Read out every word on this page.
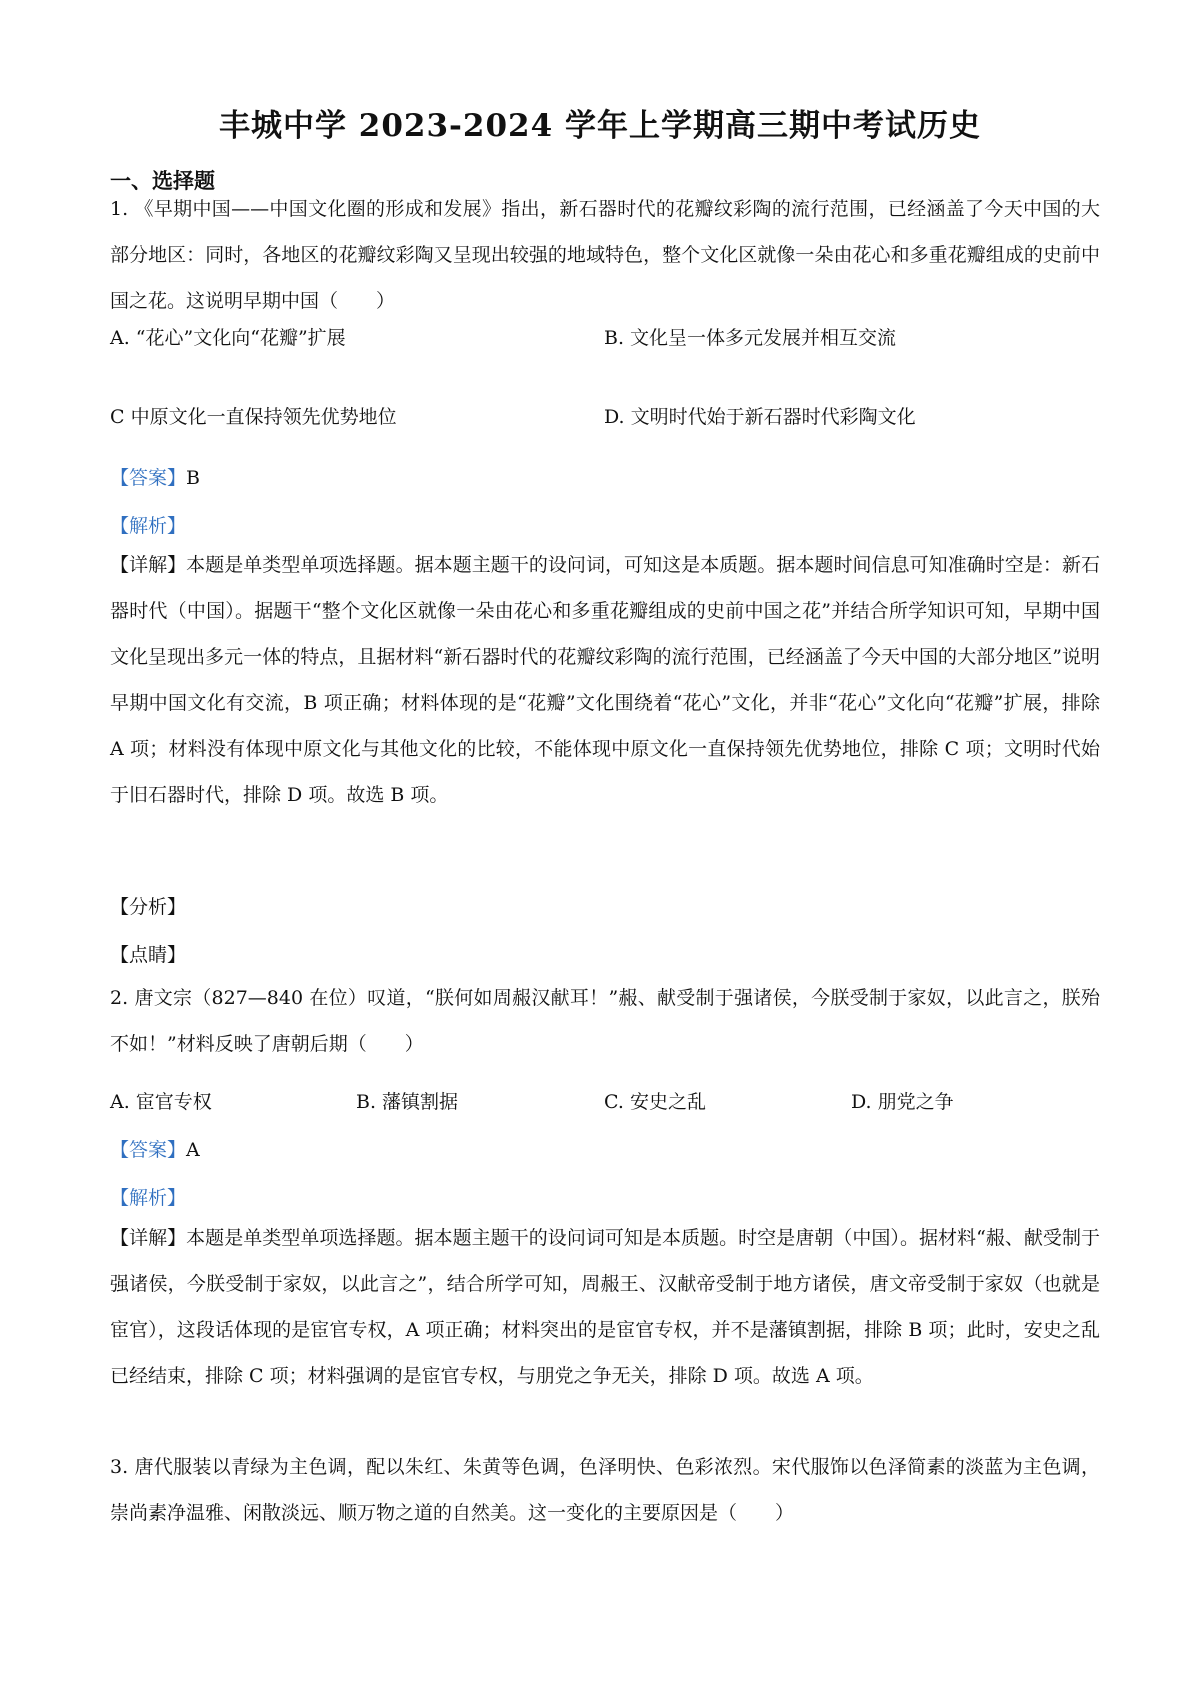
丰城中学 2023-2024 学年上学期高三期中考试历史
一、选择题

1. 《早期中国——中国文化圈的形成和发展》指出，新石器时代的花瓣纹彩陶的流行范围，已经涵盖了今天中国的大部分地区：同时，各地区的花瓣纹彩陶又呈现出较强的地域特色，整个文化区就像一朵由花心和多重花瓣组成的史前中国之花。这说明早期中国（　　）

A. “花心”文化向“花瓣”扩展	B. 文化呈一体多元发展并相互交流
C 中原文化一直保持领先优势地位	D. 文明时代始于新石器时代彩陶文化
【答案】B
【解析】

【详解】本题是单类型单项选择题。据本题主题干的设问词，可知这是本质题。据本题时间信息可知准确时空是：新石器时代（中国）。据题干“整个文化区就像一朵由花心和多重花瓣组成的史前中国之花”并结合所学知识可知，早期中国文化呈现出多元一体的特点，且据材料“新石器时代的花瓣纹彩陶的流行范围，已经涵盖了今天中国的大部分地区”说明早期中国文化有交流，B 项正确；材料体现的是“花瓣”文化围绕着“花心”文化，并非“花心”文化向“花瓣”扩展，排除 A 项；材料没有体现中原文化与其他文化的比较，不能体现中原文化一直保持领先优势地位，排除 C 项；文明时代始于旧石器时代，排除 D 项。故选 B 项。

【分析】
【点睛】

2. 唐文宗（827—840 在位）叹道，“朕何如周赧汉献耳！”赧、献受制于强诸侯，今朕受制于家奴，以此言之，朕殆不如！”材料反映了唐朝后期（　　）

A. 宦官专权	B. 藩镇割据	C. 安史之乱	D. 朋党之争
【答案】A
【解析】

【详解】本题是单类型单项选择题。据本题主题干的设问词可知是本质题。时空是唐朝（中国）。据材料“赧、献受制于强诸侯，今朕受制于家奴，以此言之”，结合所学可知，周赧王、汉献帝受制于地方诸侯，唐文帝受制于家奴（也就是宦官），这段话体现的是宦官专权，A 项正确；材料突出的是宦官专权，并不是藩镇割据，排除 B 项；此时，安史之乱已经结束，排除 C 项；材料强调的是宦官专权，与朋党之争无关，排除 D 项。故选 A 项。

3. 唐代服装以青绿为主色调，配以朱红、朱黄等色调，色泽明快、色彩浓烈。宋代服饰以色泽简素的淡蓝为主色调，崇尚素净温雅、闲散淡远、顺万物之道的自然美。这一变化的主要原因是（　　）
